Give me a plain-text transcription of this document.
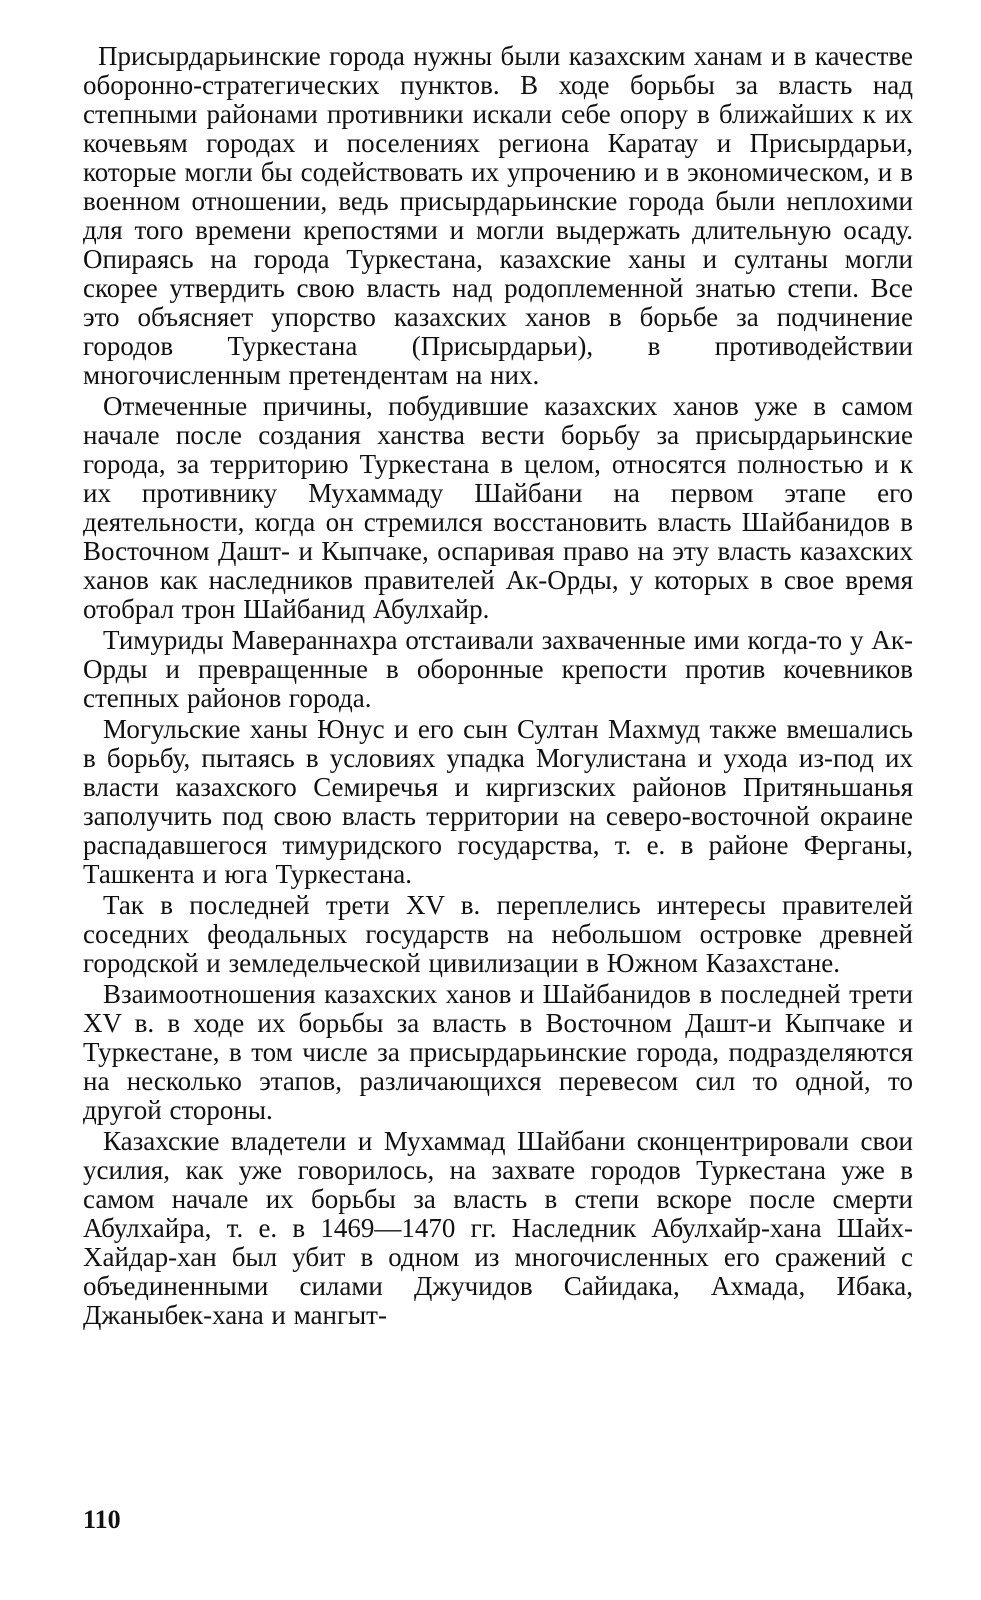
Присырдарьинские города нужны были казахским ханам и в качестве оборонно-стратегических пунктов. В ходе борьбы за власть над степными районами противники искали себе опору в ближайших к их кочевьям городах и поселениях региона Каратау и Присырдарьи, которые могли бы содействовать их упрочению и в экономическом, и в военном отношении, ведь присырдарьинские города были неплохими для того времени крепостями и могли выдержать длительную осаду. Опираясь на города Туркестана, казахские ханы и султаны могли скорее утвердить свою власть над родоплеменной знатью степи. Все это объясняет упорство казахских ханов в борьбе за подчинение городов Туркестана (Присырдарьи), в противодействии многочисленным претендентам на них.

Отмеченные причины, побудившие казахских ханов уже в самом начале после создания ханства вести борьбу за присырдарьинские города, за территорию Туркестана в целом, относятся полностью и к их противнику Мухаммаду Шайбани на первом этапе его деятельности, когда он стремился восстановить власть Шайбанидов в Восточном Дашт- и Кыпчаке, оспаривая право на эту власть казахских ханов как наследников правителей Ак-Орды, у которых в свое время отобрал трон Шайбанид Абулхайр.

Тимуриды Мавераннахра отстаивали захваченные ими когда-то у Ак-Орды и превращенные в оборонные крепости против кочевников степных районов города.

Могульские ханы Юнус и его сын Султан Махмуд также вмешались в борьбу, пытаясь в условиях упадка Могулистана и ухода из-под их власти казахского Семиречья и киргизских районов Притяньшанья заполучить под свою власть территории на северо-восточной окраине распадавшегося тимуридского государства, т. е. в районе Ферганы, Ташкента и юга Туркестана.

Так в последней трети XV в. переплелись интересы правителей соседних феодальных государств на небольшом островке древней городской и земледельческой цивилизации в Южном Казахстане.

Взаимоотношения казахских ханов и Шайбанидов в последней трети XV в. в ходе их борьбы за власть в Восточном Дашт-и Кыпчаке и Туркестане, в том числе за присырдарьинские города, подразделяются на несколько этапов, различающихся перевесом сил то одной, то другой стороны.

Казахские владетели и Мухаммад Шайбани сконцентрировали свои усилия, как уже говорилось, на захвате городов Туркестана уже в самом начале их борьбы за власть в степи вскоре после смерти Абулхайра, т. е. в 1469—1470 гг. Наследник Абулхайр-хана Шайх-Хайдар-хан был убит в одном из многочисленных его сражений с объединенными силами Джучидов Сайидака, Ахмада, Ибака, Джаныбек-хана и мангыт-

110
